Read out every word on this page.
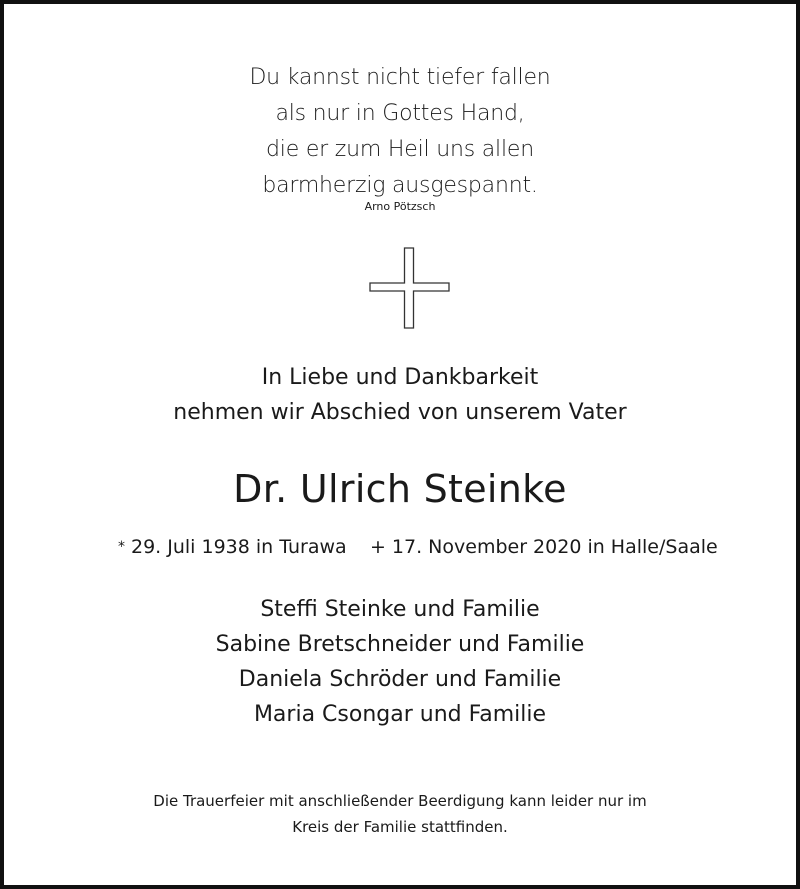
Du kannst nicht tiefer fallen
als nur in Gottes Hand,
die er zum Heil uns allen
barmherzig ausgespannt.
Arno Pötzsch
In Liebe und Dankbarkeit
nehmen wir Abschied von unserem Vater
Dr. Ulrich Steinke
* 29. Juli 1938 in Turawa + 17. November 2020 in Halle/Saale
Steffi Steinke und Familie
Sabine Bretschneider und Familie
Daniela Schröder und Familie
Maria Csongar und Familie
Die Trauerfeier mit anschließender Beerdigung kann leider nur im
Kreis der Familie stattfinden.
